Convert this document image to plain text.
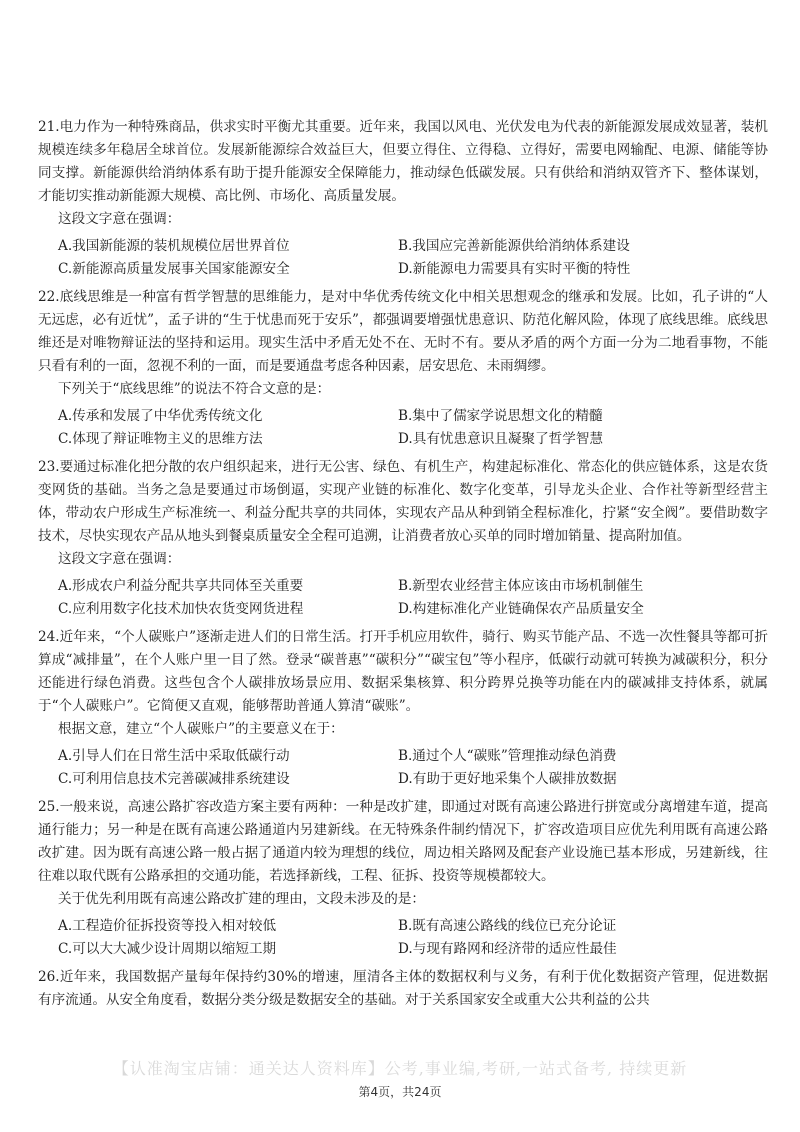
21.电力作为一种特殊商品，供求实时平衡尤其重要。近年来，我国以风电、光伏发电为代表的新能源发展成效显著，装机规模连续多年稳居全球首位。发展新能源综合效益巨大，但要立得住、立得稳、立得好，需要电网输配、电源、储能等协同支撑。新能源供给消纳体系有助于提升能源安全保障能力，推动绿色低碳发展。只有供给和消纳双管齐下、整体谋划，才能切实推动新能源大规模、高比例、市场化、高质量发展。

这段文字意在强调：

A.我国新能源的装机规模位居世界首位	B.我国应完善新能源供给消纳体系建设
C.新能源高质量发展事关国家能源安全	D.新能源电力需要具有实时平衡的特性

22.底线思维是一种富有哲学智慧的思维能力，是对中华优秀传统文化中相关思想观念的继承和发展。比如，孔子讲的“人无远虑，必有近忧”，孟子讲的“生于忧患而死于安乐”，都强调要增强忧患意识、防范化解风险，体现了底线思维。底线思维还是对唯物辩证法的坚持和运用。现实生活中矛盾无处不在、无时不有。要从矛盾的两个方面一分为二地看事物，不能只看有利的一面，忽视不利的一面，而是要通盘考虑各种因素，居安思危、未雨绸缪。

下列关于“底线思维”的说法不符合文意的是：

A.传承和发展了中华优秀传统文化	B.集中了儒家学说思想文化的精髓
C.体现了辩证唯物主义的思维方法	D.具有忧患意识且凝聚了哲学智慧

23.要通过标准化把分散的农户组织起来，进行无公害、绿色、有机生产，构建起标准化、常态化的供应链体系，这是农货变网货的基础。当务之急是要通过市场倒逼，实现产业链的标准化、数字化变革，引导龙头企业、合作社等新型经营主体，带动农户形成生产标准统一、利益分配共享的共同体，实现农产品从种到销全程标准化，拧紧“安全阀”。要借助数字技术，尽快实现农产品从地头到餐桌质量安全全程可追溯，让消费者放心买单的同时增加销量、提高附加值。

这段文字意在强调：

A.形成农户利益分配共享共同体至关重要	B.新型农业经营主体应该由市场机制催生
C.应利用数字化技术加快农货变网货进程	D.构建标准化产业链确保农产品质量安全

24.近年来，“个人碳账户”逐渐走进人们的日常生活。打开手机应用软件，骑行、购买节能产品、不选一次性餐具等都可折算成“减排量”，在个人账户里一目了然。登录“碳普惠”“碳积分”“碳宝包”等小程序，低碳行动就可转换为减碳积分，积分还能进行绿色消费。这些包含个人碳排放场景应用、数据采集核算、积分跨界兑换等功能在内的碳减排支持体系，就属于“个人碳账户”。它简便又直观，能够帮助普通人算清“碳账”。

根据文意，建立“个人碳账户”的主要意义在于：

A.引导人们在日常生活中采取低碳行动	B.通过个人“碳账”管理推动绿色消费
C.可利用信息技术完善碳减排系统建设	D.有助于更好地采集个人碳排放数据

25.一般来说，高速公路扩容改造方案主要有两种：一种是改扩建，即通过对既有高速公路进行拼宽或分离增建车道，提高通行能力；另一种是在既有高速公路通道内另建新线。在无特殊条件制约情况下，扩容改造项目应优先利用既有高速公路改扩建。因为既有高速公路一般占据了通道内较为理想的线位，周边相关路网及配套产业设施已基本形成，另建新线，往往难以取代既有公路承担的交通功能，若选择新线，工程、征拆、投资等规模都较大。

关于优先利用既有高速公路改扩建的理由，文段未涉及的是：

A.工程造价征拆投资等投入相对较低	B.既有高速公路线的线位已充分论证
C.可以大大减少设计周期以缩短工期	D.与现有路网和经济带的适应性最佳

26.近年来，我国数据产量每年保持约30%的增速，厘清各主体的数据权利与义务，有利于优化数据资产管理，促进数据有序流通。从安全角度看，数据分类分级是数据安全的基础。对于关系国家安全或重大公共利益的公共

【认准淘宝店铺：通关达人资料库】公考,事业编,考研,一站式备考, 持续更新
第4页，共24页
